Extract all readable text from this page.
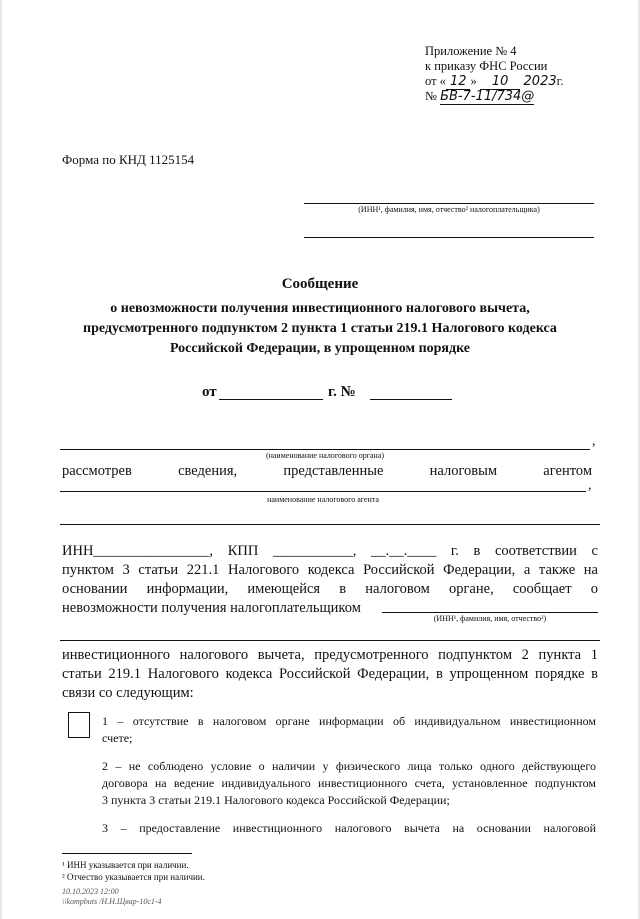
Приложение № 4
к приказу ФНС России
от « 12 » 10 2023г.
№ БВ-7-11/734@
Форма по КНД 1125154
(ИНН¹, фамилия, имя, отчество² налогоплательщика)
Сообщение
о невозможности получения инвестиционного налогового вычета,
предусмотренного подпунктом 2 пункта 1 статьи 219.1 Налогового кодекса
Российской Федерации, в упрощенном порядке
от	г. №
,
(наименование налогового органа)
рассмотрев сведения, представленные налоговым агентом
,
наименование налогового агента
ИНН________________, КПП ___________, __.__.____ г. в соответствии с
пунктом 3 статьи 221.1 Налогового кодекса Российской Федерации, а также на
основании информации, имеющейся в налоговом органе, сообщает о
невозможности получения налогоплательщиком
(ИНН¹, фамилия, имя, отчество²)
инвестиционного налогового вычета, предусмотренного подпунктом 2 пункта 1
статьи 219.1 Налогового кодекса Российской Федерации, в упрощенном порядке в
связи со следующим:
1 – отсутствие в налоговом органе информации об индивидуальном инвестиционном
счете;
2 – не соблюдено условие о наличии у физического лица только одного действующего
договора на ведение индивидуального инвестиционного счета, установленное подпунктом
3 пункта 3 статьи 219.1 Налогового кодекса Российской Федерации;
3 – предоставление инвестиционного налогового вычета на основании налоговой
¹ ИНН указывается при наличии.
² Отчество указывается при наличии.
10.10.2023 12:00
\\kompbuts /Н.Н.Щвар-10с1-4
